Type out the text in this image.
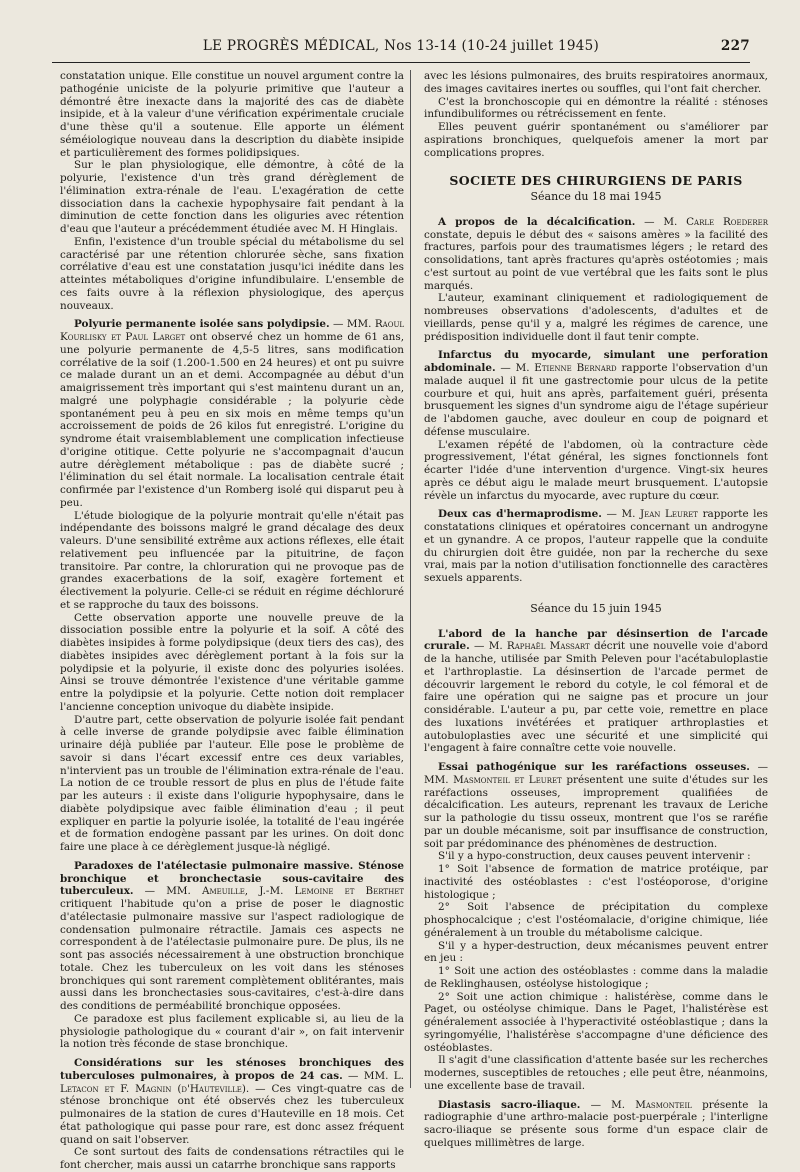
LE PROGRÈS MÉDICAL, Nos 13-14 (10-24 juillet 1945)	227

constatation unique. Elle constitue un nouvel argument contre la pathogénie uniciste de la polyurie primitive que l'auteur a démontré être inexacte dans la majorité des cas de diabète insipide, et à la valeur d'une vérification expérimentale cruciale d'une thèse qu'il a soutenue. Elle apporte un élément séméiologique nouveau dans la description du diabète insipide et particulièrement des formes polidipsiques.

Sur le plan physiologique, elle démontre, à côté de la polyurie, l'existence d'un très grand dérèglement de l'élimination extra-rénale de l'eau. L'exagération de cette dissociation dans la cachexie hypophysaire fait pendant à la diminution de cette fonction dans les oliguries avec rétention d'eau que l'auteur a précédemment étudiée avec M. H Hinglais.

Enfin, l'existence d'un trouble spécial du métabolisme du sel caractérisé par une rétention chlorurée sèche, sans fixation corrélative d'eau est une constatation jusqu'ici inédite dans les atteintes métaboliques d'origine infundibulaire. L'ensemble de ces faits ouvre à la réflexion physiologique, des aperçus nouveaux.

Polyurie permanente isolée sans polydipsie. — MM. Raoul Kourlisky et Paul Larget ont observé chez un homme de 61 ans, une polyurie permanente de 4,5-5 litres, sans modification corrélative de la soif (1.200-1.500 en 24 heures) et ont pu suivre ce malade durant un an et demi. Accompagnée au début d'un amaigrissement très important qui s'est maintenu durant un an, malgré une polyphagie considérable ; la polyurie cède spontanément peu à peu en six mois en même temps qu'un accroissement de poids de 26 kilos fut enregistré. L'origine du syndrome était vraisemblablement une complication infectieuse d'origine otitique. Cette polyurie ne s'accompagnait d'aucun autre dérèglement métabolique : pas de diabète sucré ; l'élimination du sel était normale. La localisation centrale était confirmée par l'existence d'un Romberg isolé qui disparut peu à peu.

L'étude biologique de la polyurie montrait qu'elle n'était pas indépendante des boissons malgré le grand décalage des deux valeurs. D'une sensibilité extrême aux actions réflexes, elle était relativement peu influencée par la pituitrine, de façon transitoire. Par contre, la chloruration qui ne provoque pas de grandes exacerbations de la soif, exagère fortement et électivement la polyurie. Celle-ci se réduit en régime déchloruré et se rapproche du taux des boissons.

Cette observation apporte une nouvelle preuve de la dissociation possible entre la polyurie et la soif. A côté des diabètes insipides à forme polydipsique (deux tiers des cas), des diabètes insipides avec dérèglement portant à la fois sur la polydipsie et la polyurie, il existe donc des polyuries isolées. Ainsi se trouve démontrée l'existence d'une véritable gamme entre la polydipsie et la polyurie. Cette notion doit remplacer l'ancienne conception univoque du diabète insipide.

D'autre part, cette observation de polyurie isolée fait pendant à celle inverse de grande polydipsie avec faible élimination urinaire déjà publiée par l'auteur. Elle pose le problème de savoir si dans l'écart excessif entre ces deux variables, n'intervient pas un trouble de l'élimination extra-rénale de l'eau. La notion de ce trouble ressort de plus en plus de l'étude faite par les auteurs : il existe dans l'oligurie hypophysaire, dans le diabète polydipsique avec faible élimination d'eau ; il peut expliquer en partie la polyurie isolée, la totalité de l'eau ingérée et de formation endogène passant par les urines. On doit donc faire une place à ce dérèglement jusque-là négligé.

Paradoxes de l'atélectasie pulmonaire massive. Sténose bronchique et bronchectasie sous-cavitaire des tuberculeux. — MM. Ameuille, J.-M. Lemoine et Berthet critiquent l'habitude qu'on a prise de poser le diagnostic d'atélectasie pulmonaire massive sur l'aspect radiologique de condensation pulmonaire rétractile. Jamais ces aspects ne correspondent à de l'atélectasie pulmonaire pure. De plus, ils ne sont pas associés nécessairement à une obstruction bronchique totale. Chez les tuberculeux on les voit dans les sténoses bronchiques qui sont rarement complètement oblitérantes, mais aussi dans les bronchectasies sous-cavitaires, c'est-à-dire dans des conditions de perméabilité bronchique opposées.

Ce paradoxe est plus facilement explicable si, au lieu de la physiologie pathologique du « courant d'air », on fait intervenir la notion très féconde de stase bronchique.

Considérations sur les sténoses bronchiques des tuberculoses pulmonaires, à propos de 24 cas. — MM. L. Letacon et F. Magnin (d'Hauteville). — Ces vingt-quatre cas de sténose bronchique ont été observés chez les tuberculeux pulmonaires de la station de cures d'Hauteville en 18 mois. Cet état pathologique qui passe pour rare, est donc assez fréquent quand on sait l'observer.

Ce sont surtout des faits de condensations rétractiles qui le font chercher, mais aussi un catarrhe bronchique sans rapports

avec les lésions pulmonaires, des bruits respiratoires anormaux, des images cavitaires inertes ou souffles, qui l'ont fait chercher.

C'est la bronchoscopie qui en démontre la réalité : sténoses infundibuliformes ou rétrécissement en fente.

Elles peuvent guérir spontanément ou s'améliorer par aspirations bronchiques, quelquefois amener la mort par complications propres.

SOCIETE DES CHIRURGIENS DE PARIS
Séance du 18 mai 1945

A propos de la décalcification. — M. Carle Roederer constate, depuis le début des « saisons amères » la facilité des fractures, parfois pour des traumatismes légers ; le retard des consolidations, tant après fractures qu'après ostéotomies ; mais c'est surtout au point de vue vertébral que les faits sont le plus marqués.

L'auteur, examinant cliniquement et radiologiquement de nombreuses observations d'adolescents, d'adultes et de vieillards, pense qu'il y a, malgré les régimes de carence, une prédisposition individuelle dont il faut tenir compte.

Infarctus du myocarde, simulant une perforation abdominale. — M. Etienne Bernard rapporte l'observation d'un malade auquel il fit une gastrectomie pour ulcus de la petite courbure et qui, huit ans après, parfaitement guéri, présenta brusquement les signes d'un syndrome aigu de l'étage supérieur de l'abdomen gauche, avec douleur en coup de poignard et défense musculaire.

L'examen répété de l'abdomen, où la contracture cède progressivement, l'état général, les signes fonctionnels font écarter l'idée d'une intervention d'urgence. Vingt-six heures après ce début aigu le malade meurt brusquement. L'autopsie révèle un infarctus du myocarde, avec rupture du cœur.

Deux cas d'hermaprodisme. — M. Jean Leuret rapporte les constatations cliniques et opératoires concernant un androgyne et un gynandre. A ce propos, l'auteur rappelle que la conduite du chirurgien doit être guidée, non par la recherche du sexe vrai, mais par la notion d'utilisation fonctionnelle des caractères sexuels apparents.

Séance du 15 juin 1945

L'abord de la hanche par désinsertion de l'arcade crurale. — M. Raphaël Massart décrit une nouvelle voie d'abord de la hanche, utilisée par Smith Peleven pour l'acétabuloplastie et l'arthroplastie. La désinsertion de l'arcade permet de découvrir largement le rebord du cotyle, le col fémoral et de faire une opération qui ne saigne pas et procure un jour considérable. L'auteur a pu, par cette voie, remettre en place des luxations invétérées et pratiquer arthroplasties et autobuloplasties avec une sécurité et une simplicité qui l'engagent à faire connaître cette voie nouvelle.

Essai pathogénique sur les raréfactions osseuses. — MM. Masmonteil et Leuret présentent une suite d'études sur les raréfactions osseuses, improprement qualifiées de décalcification. Les auteurs, reprenant les travaux de Leriche sur la pathologie du tissu osseux, montrent que l'os se raréfie par un double mécanisme, soit par insuffisance de construction, soit par prédominance des phénomènes de destruction.

S'il y a hypo-construction, deux causes peuvent intervenir :

1° Soit l'absence de formation de matrice protéique, par inactivité des ostéoblastes : c'est l'ostéoporose, d'origine histologique ;

2° Soit l'absence de précipitation du complexe phosphocalcique ; c'est l'ostéomalacie, d'origine chimique, liée généralement à un trouble du métabolisme calcique.

S'il y a hyper-destruction, deux mécanismes peuvent entrer en jeu :

1° Soit une action des ostéoblastes : comme dans la maladie de Reklinghausen, ostéolyse histologique ;

2° Soit une action chimique : halistérèse, comme dans le Paget, ou ostéolyse chimique. Dans le Paget, l'halistérèse est généralement associée à l'hyperactivité ostéoblastique ; dans la syringomyélie, l'halistérèse s'accompagne d'une déficience des ostéoblastes.

Il s'agit d'une classification d'attente basée sur les recherches modernes, susceptibles de retouches ; elle peut être, néanmoins, une excellente base de travail.

Diastasis sacro-iliaque. — M. Masmonteil présente la radiographie d'une arthro-malacie post-puerpérale ; l'interligne sacro-iliaque se présente sous forme d'un espace clair de quelques millimètres de large.
